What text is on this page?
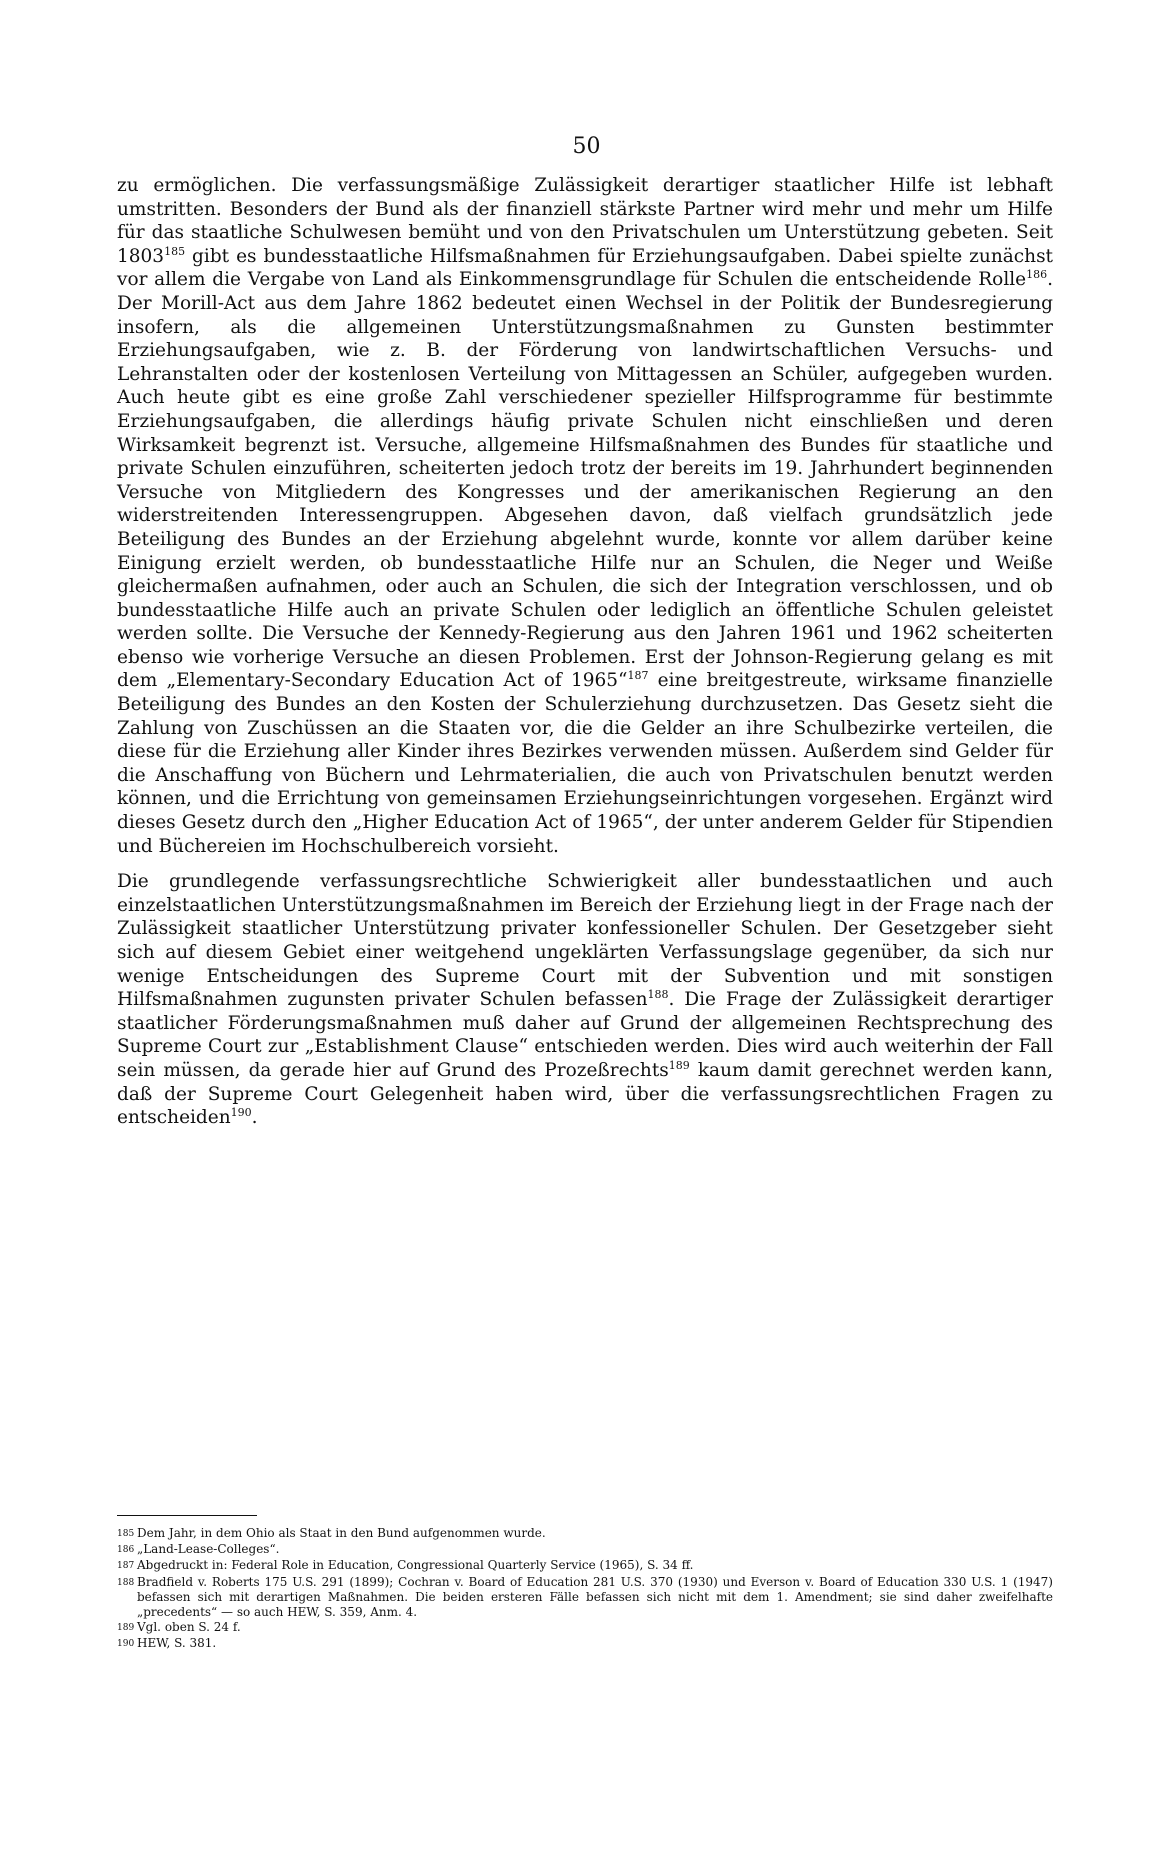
50

zu ermöglichen. Die verfassungsmäßige Zulässigkeit derartiger staatlicher Hilfe ist lebhaft umstritten. Besonders der Bund als der finanziell stärkste Partner wird mehr und mehr um Hilfe für das staatliche Schulwesen bemüht und von den Privatschulen um Unterstützung gebeten. Seit 1803$^{185}$ gibt es bundesstaatliche Hilfsmaßnahmen für Erziehungsaufgaben. Dabei spielte zunächst vor allem die Vergabe von Land als Einkommensgrundlage für Schulen die entscheidende Rolle$^{186}$. Der Morill-Act aus dem Jahre 1862 bedeutet einen Wechsel in der Politik der Bundesregierung insofern, als die allgemeinen Unterstützungsmaßnahmen zu Gunsten bestimmter Erziehungsaufgaben, wie z. B. der Förderung von landwirtschaftlichen Versuchs- und Lehranstalten oder der kostenlosen Verteilung von Mittagessen an Schüler, aufgegeben wurden. Auch heute gibt es eine große Zahl verschiedener spezieller Hilfsprogramme für bestimmte Erziehungsaufgaben, die allerdings häufig private Schulen nicht einschließen und deren Wirksamkeit begrenzt ist. Versuche, allgemeine Hilfsmaßnahmen des Bundes für staatliche und private Schulen einzuführen, scheiterten jedoch trotz der bereits im 19. Jahrhundert beginnenden Versuche von Mitgliedern des Kongresses und der amerikanischen Regierung an den widerstreitenden Interessengruppen. Abgesehen davon, daß vielfach grundsätzlich jede Beteiligung des Bundes an der Erziehung abgelehnt wurde, konnte vor allem darüber keine Einigung erzielt werden, ob bundesstaatliche Hilfe nur an Schulen, die Neger und Weiße gleichermaßen aufnahmen, oder auch an Schulen, die sich der Integration verschlossen, und ob bundesstaatliche Hilfe auch an private Schulen oder lediglich an öffentliche Schulen geleistet werden sollte. Die Versuche der Kennedy-Regierung aus den Jahren 1961 und 1962 scheiterten ebenso wie vorherige Versuche an diesen Problemen. Erst der Johnson-Regierung gelang es mit dem „Elementary-Secondary Education Act of 1965“$^{187}$ eine breitgestreute, wirksame finanzielle Beteiligung des Bundes an den Kosten der Schulerziehung durchzusetzen. Das Gesetz sieht die Zahlung von Zuschüssen an die Staaten vor, die die Gelder an ihre Schulbezirke verteilen, die diese für die Erziehung aller Kinder ihres Bezirkes verwenden müssen. Außerdem sind Gelder für die Anschaffung von Büchern und Lehrmaterialien, die auch von Privatschulen benutzt werden können, und die Errichtung von gemeinsamen Erziehungseinrichtungen vorgesehen. Ergänzt wird dieses Gesetz durch den „Higher Education Act of 1965“, der unter anderem Gelder für Stipendien und Büchereien im Hochschulbereich vorsieht.

Die grundlegende verfassungsrechtliche Schwierigkeit aller bundesstaatlichen und auch einzelstaatlichen Unterstützungsmaßnahmen im Bereich der Erziehung liegt in der Frage nach der Zulässigkeit staatlicher Unterstützung privater konfessioneller Schulen. Der Gesetzgeber sieht sich auf diesem Gebiet einer weitgehend ungeklärten Verfassungslage gegenüber, da sich nur wenige Entscheidungen des Supreme Court mit der Subvention und mit sonstigen Hilfsmaßnahmen zugunsten privater Schulen befassen$^{188}$. Die Frage der Zulässigkeit derartiger staatlicher Förderungsmaßnahmen muß daher auf Grund der allgemeinen Rechtsprechung des Supreme Court zur „Establishment Clause“ entschieden werden. Dies wird auch weiterhin der Fall sein müssen, da gerade hier auf Grund des Prozeßrechts$^{189}$ kaum damit gerechnet werden kann, daß der Supreme Court Gelegenheit haben wird, über die verfassungsrechtlichen Fragen zu entscheiden$^{190}$.

185 Dem Jahr, in dem Ohio als Staat in den Bund aufgenommen wurde.
186 „Land-Lease-Colleges“.
187 Abgedruckt in: Federal Role in Education, Congressional Quarterly Service (1965), S. 34 ff.
188 Bradfield v. Roberts 175 U.S. 291 (1899); Cochran v. Board of Education 281 U.S. 370 (1930) und Everson v. Board of Education 330 U.S. 1 (1947) befassen sich mit derartigen Maßnahmen. Die beiden ersteren Fälle befassen sich nicht mit dem 1. Amendment; sie sind daher zweifelhafte „precedents“ — so auch HEW, S. 359, Anm. 4.
189 Vgl. oben S. 24 f.
190 HEW, S. 381.
